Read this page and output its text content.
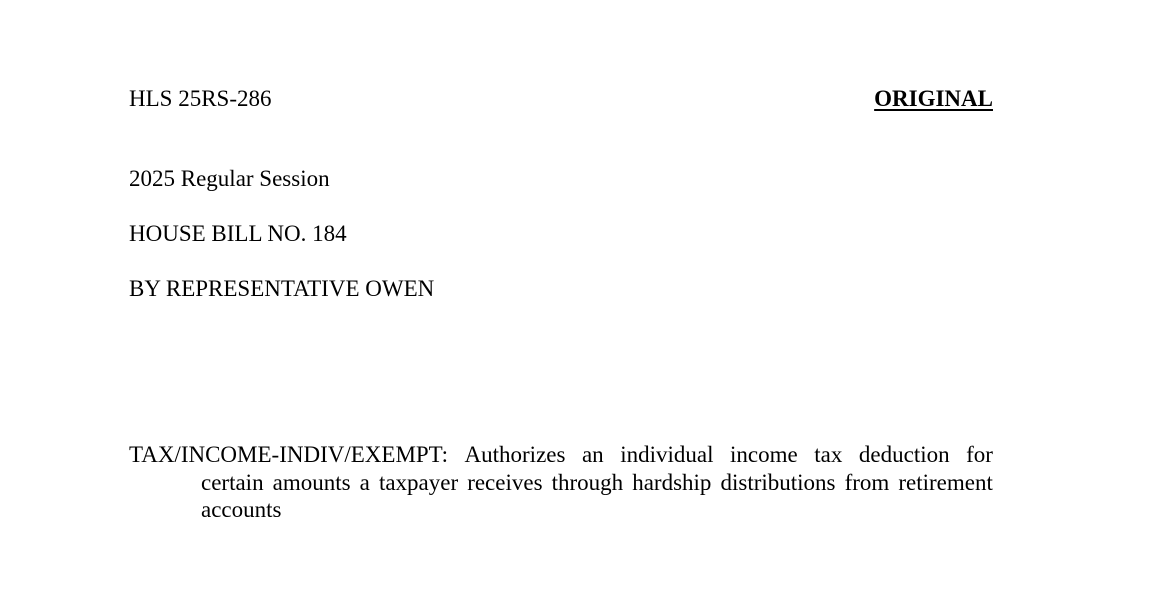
HLS 25RS-286	ORIGINAL
2025 Regular Session
HOUSE BILL NO. 184
BY REPRESENTATIVE OWEN
TAX/INCOME-INDIV/EXEMPT: Authorizes an individual income tax deduction for
certain amounts a taxpayer receives through hardship distributions from retirement
accounts
